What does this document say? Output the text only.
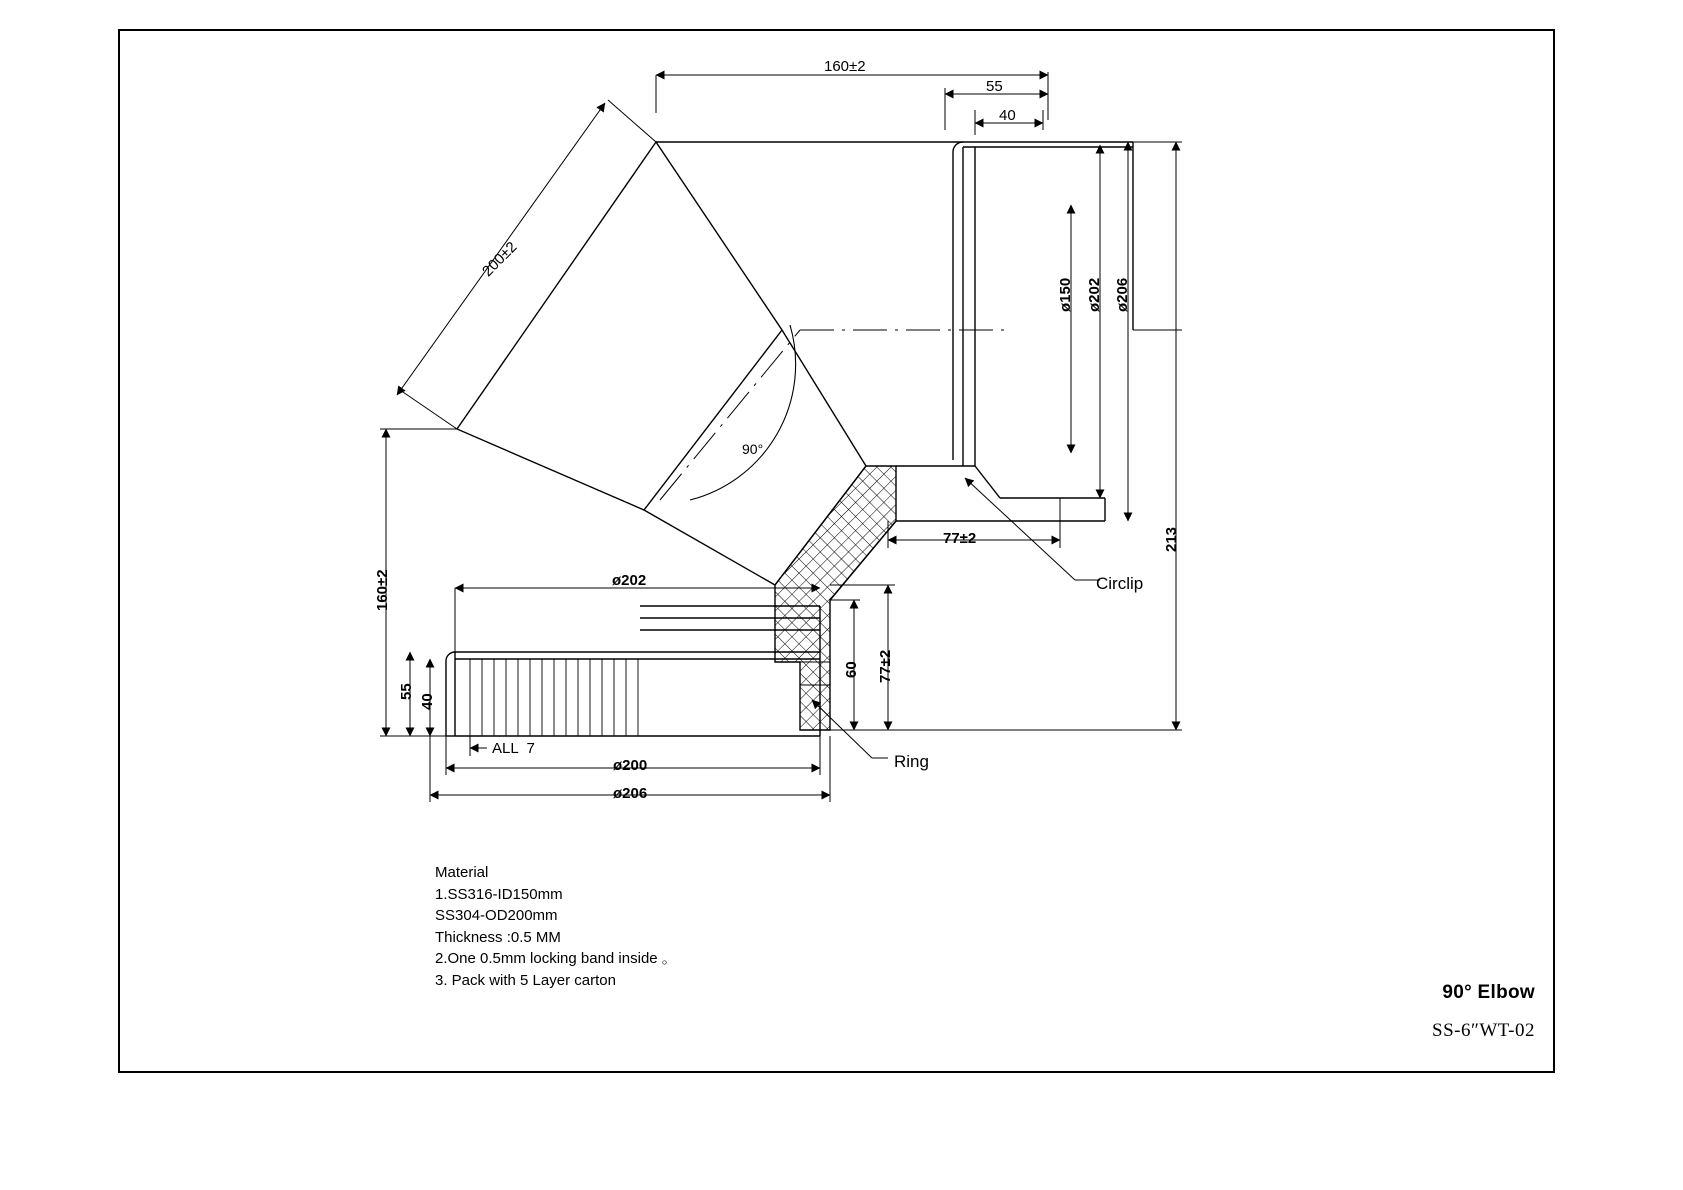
160±2
55
40
200±2
90°
ø150 ø202 ø206
213
77±2
160±2
55
40
ø202
ALL  7
ø200
ø206
60 77±2
Circlip
Ring
Material
1.SS316-ID150mm
SS304-OD200mm
Thickness :0.5 MM
2.One 0.5mm locking band inside 。
3. Pack with 5 Layer carton
90° Elbow
SS-6″WT-02
